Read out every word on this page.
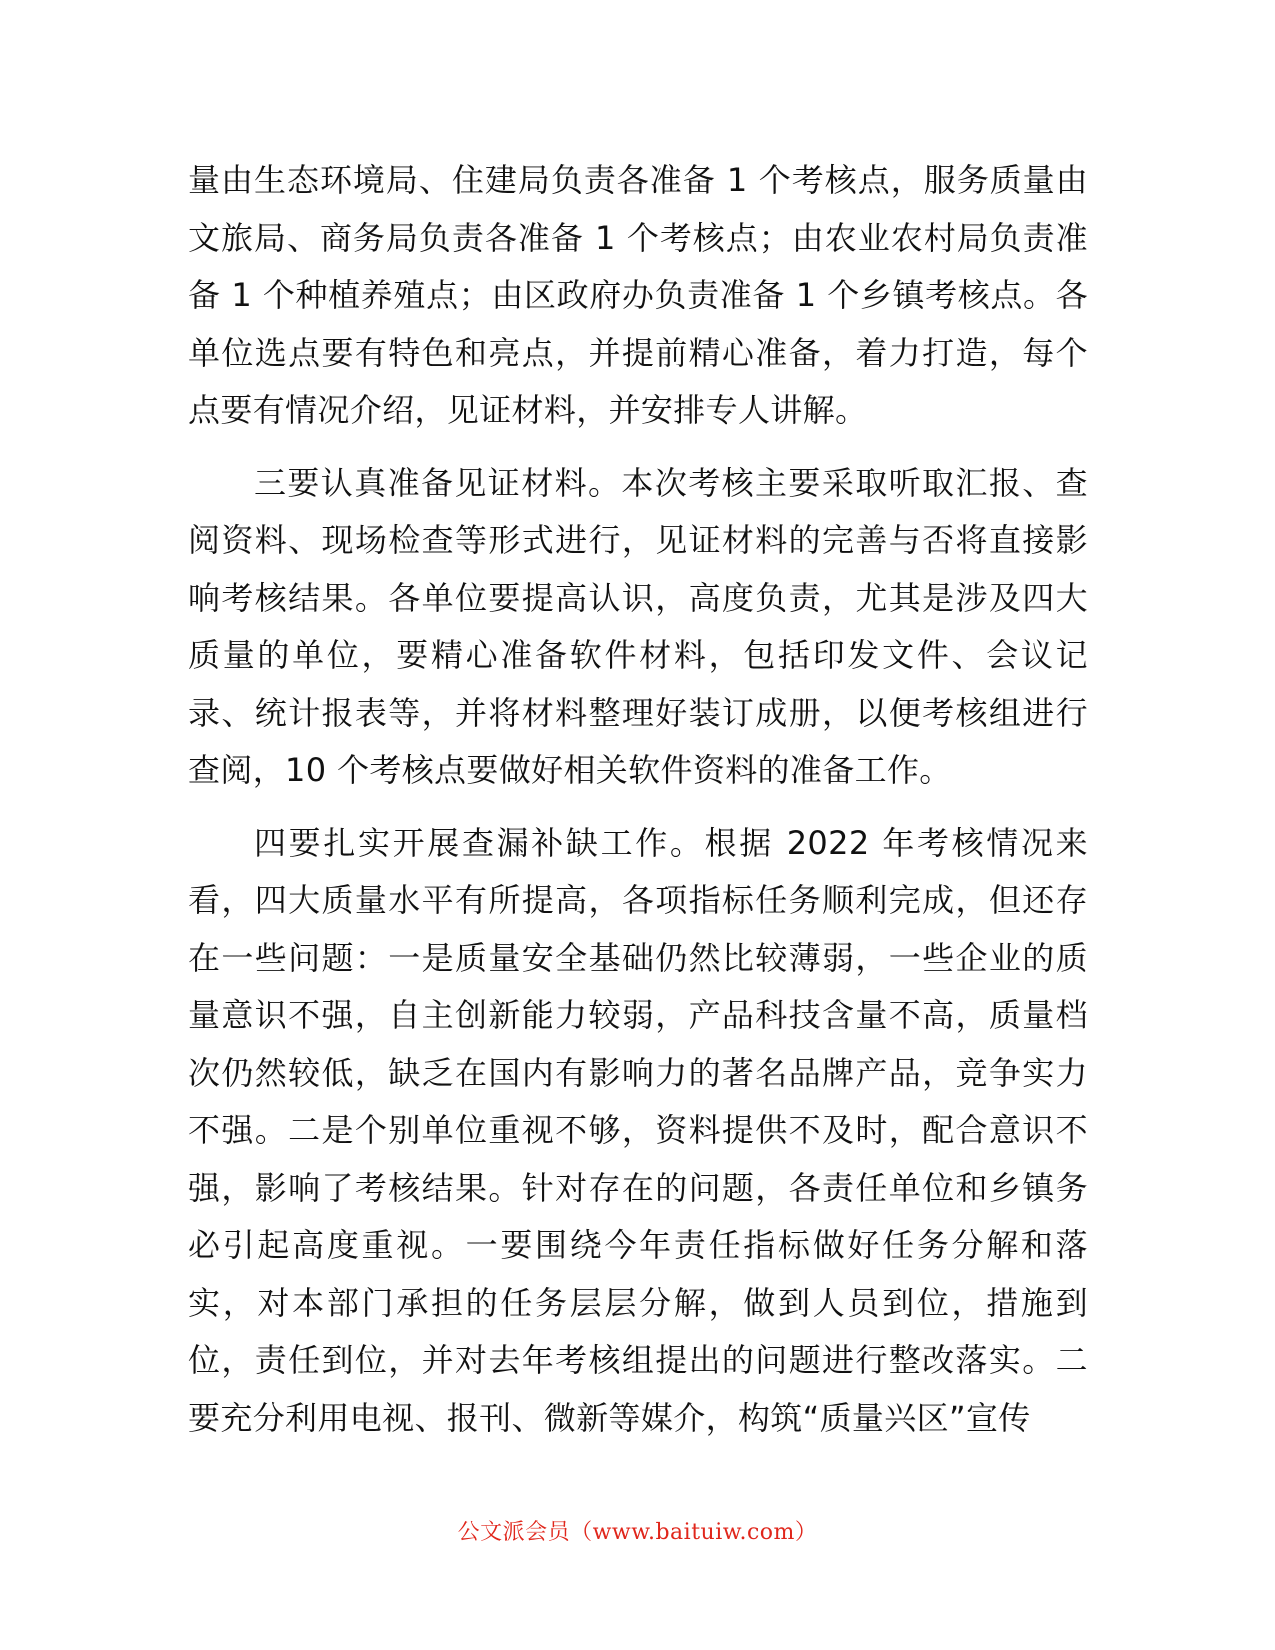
量由生态环境局、住建局负责各准备 1 个考核点，服务质量由文旅局、商务局负责各准备 1 个考核点；由农业农村局负责准备 1 个种植养殖点；由区政府办负责准备 1 个乡镇考核点。各单位选点要有特色和亮点，并提前精心准备，着力打造，每个点要有情况介绍，见证材料，并安排专人讲解。

三要认真准备见证材料。本次考核主要采取听取汇报、查阅资料、现场检查等形式进行，见证材料的完善与否将直接影响考核结果。各单位要提高认识，高度负责，尤其是涉及四大质量的单位，要精心准备软件材料，包括印发文件、会议记录、统计报表等，并将材料整理好装订成册，以便考核组进行查阅，10 个考核点要做好相关软件资料的准备工作。

四要扎实开展查漏补缺工作。根据 2022 年考核情况来看，四大质量水平有所提高，各项指标任务顺利完成，但还存在一些问题：一是质量安全基础仍然比较薄弱，一些企业的质量意识不强，自主创新能力较弱，产品科技含量不高，质量档次仍然较低，缺乏在国内有影响力的著名品牌产品，竞争实力不强。二是个别单位重视不够，资料提供不及时，配合意识不强，影响了考核结果。针对存在的问题，各责任单位和乡镇务必引起高度重视。一要围绕今年责任指标做好任务分解和落实，对本部门承担的任务层层分解，做到人员到位，措施到位，责任到位，并对去年考核组提出的问题进行整改落实。二要充分利用电视、报刊、微新等媒介，构筑“质量兴区”宣传

公文派会员（www.baituiw.com）
